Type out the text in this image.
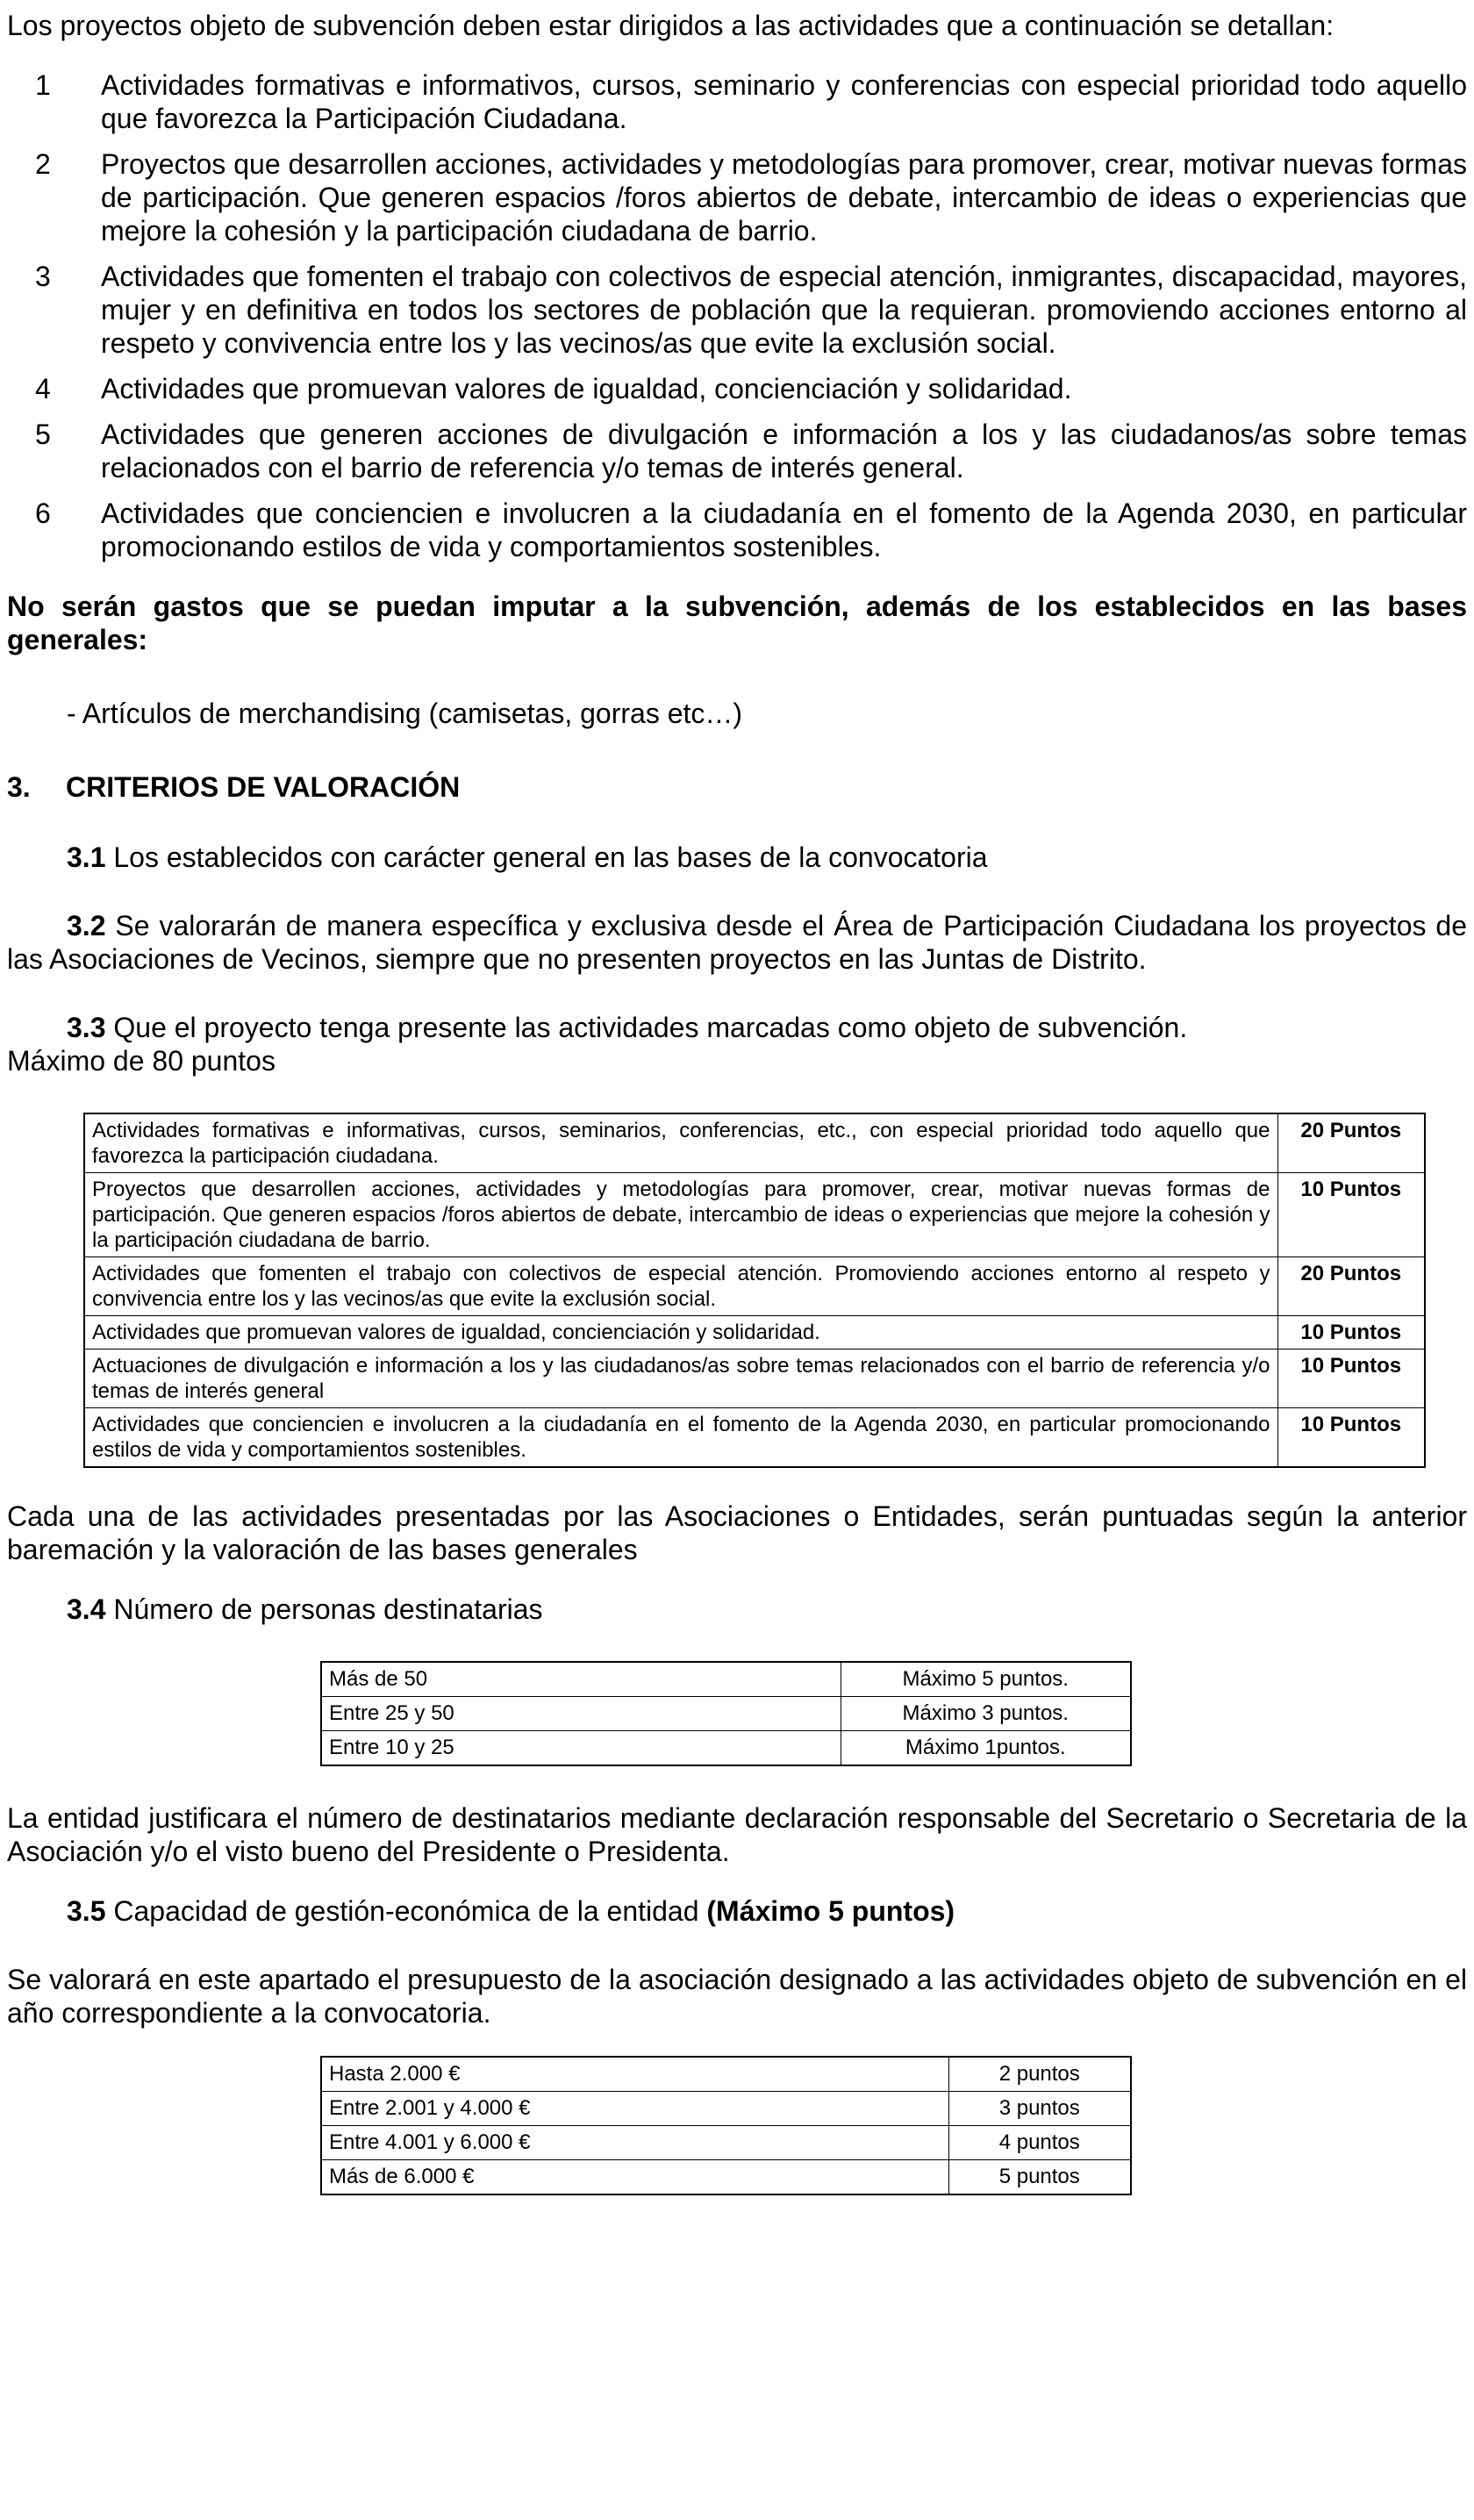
Los proyectos objeto de subvención deben estar dirigidos a las actividades que a continuación se detallan:

1 Actividades formativas e informativos, cursos, seminario y conferencias con especial prioridad todo aquello que favorezca la Participación Ciudadana.
2 Proyectos que desarrollen acciones, actividades y metodologías para promover, crear, motivar nuevas formas de participación. Que generen espacios /foros abiertos de debate, intercambio de ideas o experiencias que mejore la cohesión y la participación ciudadana de barrio.
3 Actividades que fomenten el trabajo con colectivos de especial atención, inmigrantes, discapacidad, mayores, mujer y en definitiva en todos los sectores de población que la requieran. promoviendo acciones entorno al respeto y convivencia entre los y las vecinos/as que evite la exclusión social.
4 Actividades que promuevan valores de igualdad, concienciación y solidaridad.
5 Actividades que generen acciones de divulgación e información a los y las ciudadanos/as sobre temas relacionados con el barrio de referencia y/o temas de interés general.
6 Actividades que conciencien e involucren a la ciudadanía en el fomento de la Agenda 2030, en particular promocionando estilos de vida y comportamientos sostenibles.

No serán gastos que se puedan imputar a la subvención, además de los establecidos en las bases generales:

- Artículos de merchandising (camisetas, gorras etc…)

3. CRITERIOS DE VALORACIÓN

3.1 Los establecidos con carácter general en las bases de la convocatoria

3.2 Se valorarán de manera específica y exclusiva desde el Área de Participación Ciudadana los proyectos de las Asociaciones de Vecinos, siempre que no presenten proyectos en las Juntas de Distrito.

3.3 Que el proyecto tenga presente las actividades marcadas como objeto de subvención.
Máximo de 80 puntos

Actividades formativas e informativas, cursos, seminarios, conferencias, etc., con especial prioridad todo aquello que favorezca la participación ciudadana.	20 Puntos
Proyectos que desarrollen acciones, actividades y metodologías para promover, crear, motivar nuevas formas de participación. Que generen espacios /foros abiertos de debate, intercambio de ideas o experiencias que mejore la cohesión y la participación ciudadana de barrio.	10 Puntos
Actividades que fomenten el trabajo con colectivos de especial atención. Promoviendo acciones entorno al respeto y convivencia entre los y las vecinos/as que evite la exclusión social.	20 Puntos
Actividades que promuevan valores de igualdad, concienciación y solidaridad.	10 Puntos
Actuaciones de divulgación e información a los y las ciudadanos/as sobre temas relacionados con el barrio de referencia y/o temas de interés general	10 Puntos
Actividades que conciencien e involucren a la ciudadanía en el fomento de la Agenda 2030, en particular promocionando estilos de vida y comportamientos sostenibles.	10 Puntos

Cada una de las actividades presentadas por las Asociaciones o Entidades, serán puntuadas según la anterior baremación y la valoración de las bases generales

3.4 Número de personas destinatarias

Más de 50	Máximo 5 puntos.
Entre 25 y 50	Máximo 3 puntos.
Entre 10 y 25	Máximo 1puntos.

La entidad justificara el número de destinatarios mediante declaración responsable del Secretario o Secretaria de la Asociación y/o el visto bueno del Presidente o Presidenta.

3.5 Capacidad de gestión-económica de la entidad (Máximo 5 puntos)

Se valorará en este apartado el presupuesto de la asociación designado a las actividades objeto de subvención en el año correspondiente a la convocatoria.

Hasta 2.000 €	2 puntos
Entre 2.001 y 4.000 €	3 puntos
Entre 4.001 y 6.000 €	4 puntos
Más de 6.000 €	5 puntos
